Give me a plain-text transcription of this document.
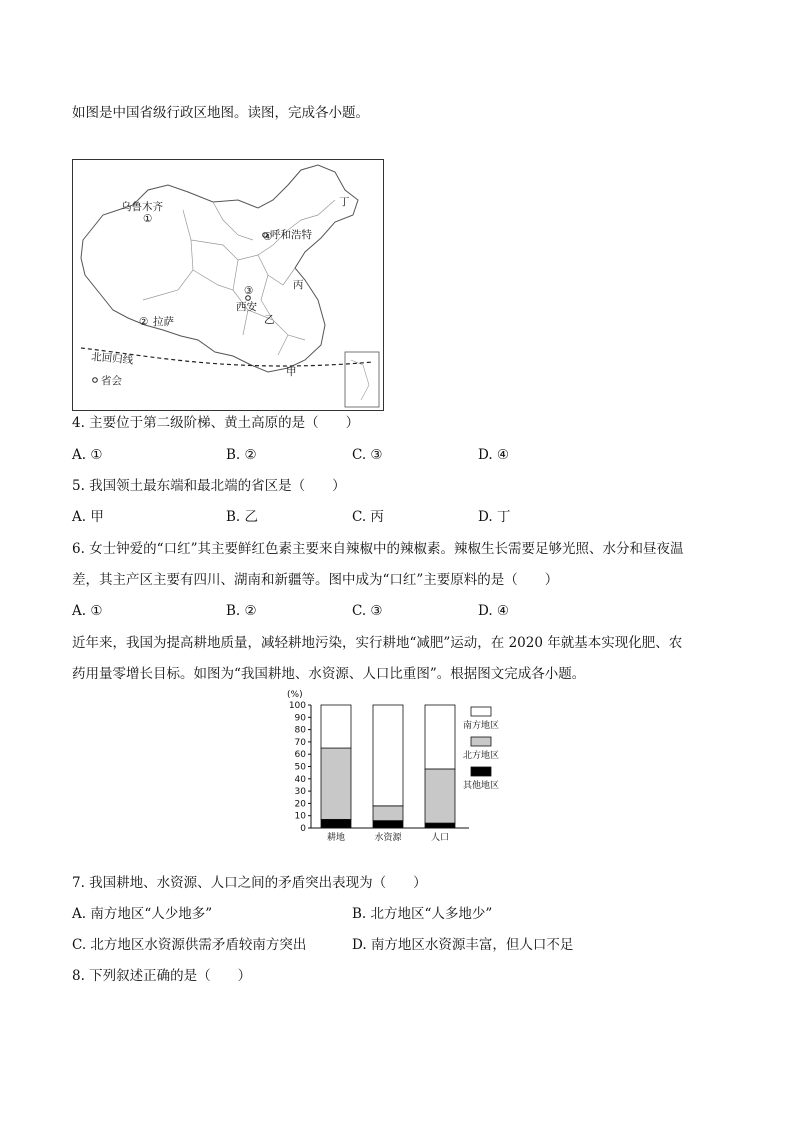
如图是中国省级行政区地图。读图，完成各小题。
乌鲁木齐
①
② 拉萨
③
西安
④
呼和浩特
丁
丙
乙
甲
北回归线
省会
4. 主要位于第二级阶梯、黄土高原的是（　　）
A. ①	B. ②	C. ③	D. ④
5. 我国领土最东端和最北端的省区是（　　）
A. 甲	B. 乙	C. 丙	D. 丁
6. 女士钟爱的“口红”其主要鲜红色素主要来自辣椒中的辣椒素。辣椒生长需要足够光照、水分和昼夜温
差，其主产区主要有四川、湖南和新疆等。图中成为“口红”主要原料的是（　　）
A. ①	B. ②	C. ③	D. ④
近年来，我国为提高耕地质量，减轻耕地污染，实行耕地“减肥”运动，在 2020 年就基本实现化肥、农
药用量零增长目标。如图为“我国耕地、水资源、人口比重图”。根据图文完成各小题。
(%)
0
10
20
30
40
50
60
70
80
90
100
耕地	水资源	人口
南方地区
北方地区
其他地区
7. 我国耕地、水资源、人口之间的矛盾突出表现为（　　）
A. 南方地区“人少地多”	B. 北方地区“人多地少”
C. 北方地区水资源供需矛盾较南方突出	D. 南方地区水资源丰富，但人口不足
8. 下列叙述正确的是（　　）
